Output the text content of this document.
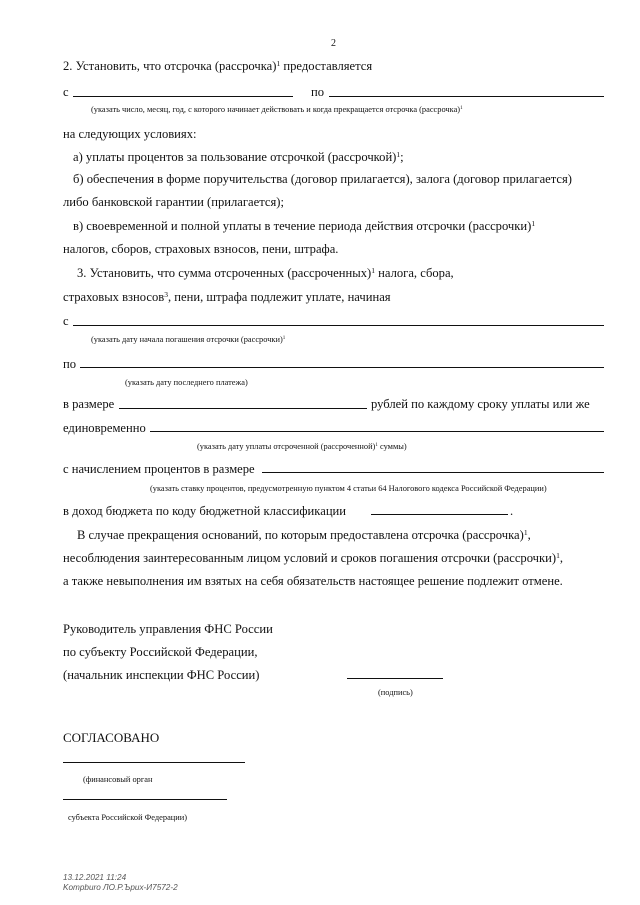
2
2. Установить, что отсрочка (рассрочка)$^1$ предоставляется
с	по
(указать число, месяц, год, с которого начинает действовать и когда прекращается отсрочка (рассрочка)$^1$
на следующих условиях:
а) уплаты процентов за пользование отсрочкой (рассрочкой)$^1$;
б) обеспечения в форме поручительства (договор прилагается), залога (договор прилагается)
либо банковской гарантии (прилагается);
в) своевременной и полной уплаты в течение периода действия отсрочки (рассрочки)$^1$
налогов, сборов, страховых взносов, пени, штрафа.
3. Установить, что сумма отсроченных (рассроченных)$^1$ налога, сбора,
страховых взносов$^3$, пени, штрафа подлежит уплате, начиная
с
(указать дату начала погашения отсрочки (рассрочки)$^1$
по
(указать дату последнего платежа)
в размере	рублей по каждому сроку уплаты или же
единовременно
(указать дату уплаты отсроченной (рассроченной)$^1$ суммы)
с начислением процентов в размере
(указать ставку процентов, предусмотренную пунктом 4 статьи 64 Налогового кодекса Российской Федерации)
в доход бюджета по коду бюджетной классификации	.
В случае прекращения оснований, по которым предоставлена отсрочка (рассрочка)$^1$,
несоблюдения заинтересованным лицом условий и сроков погашения отсрочки (рассрочки)$^1$,
а также невыполнения им взятых на себя обязательств настоящее решение подлежит отмене.
Руководитель управления ФНС России
по субъекту Российской Федерации,
(начальник инспекции ФНС России)
(подпись)
СОГЛАСОВАНО
(финансовый орган
субъекта Российской Федерации)
13.12.2021 11:24
Kompburo ЛО.Р.Ърих-И7572-2
